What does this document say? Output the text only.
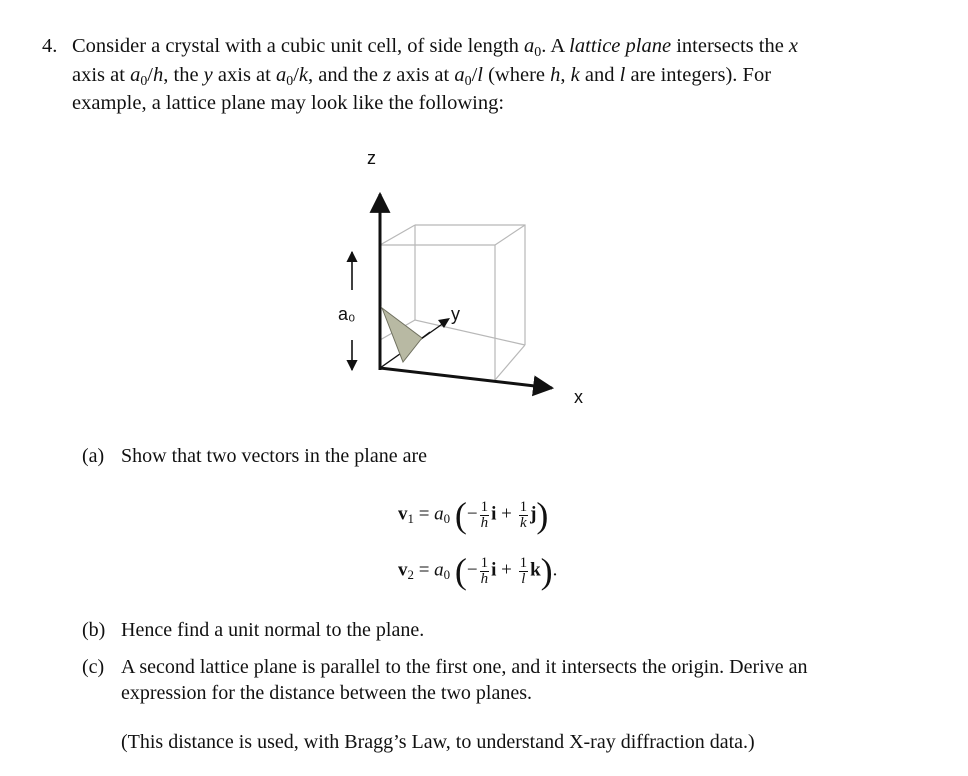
4. Consider a crystal with a cubic unit cell, of side length $a_0$. A lattice plane intersects the x
axis at $a_0/h$, the y axis at $a_0/k$, and the z axis at $a_0/l$ (where h, k and l are integers). For
example, a lattice plane may look like the following:
z
y
x
a₀
(a) Show that two vectors in the plane are
$v_1 = a_0$ (− $\frac{1}{h}$ $i + \frac{1}{k} j$)
$v_2 = a_0$ (− $\frac{1}{h}$ $i + \frac{1}{l} k$).
(b) Hence find a unit normal to the plane.
(c) A second lattice plane is parallel to the first one, and it intersects the origin. Derive an
expression for the distance between the two planes.
(This distance is used, with Bragg’s Law, to understand X-ray diffraction data.)
